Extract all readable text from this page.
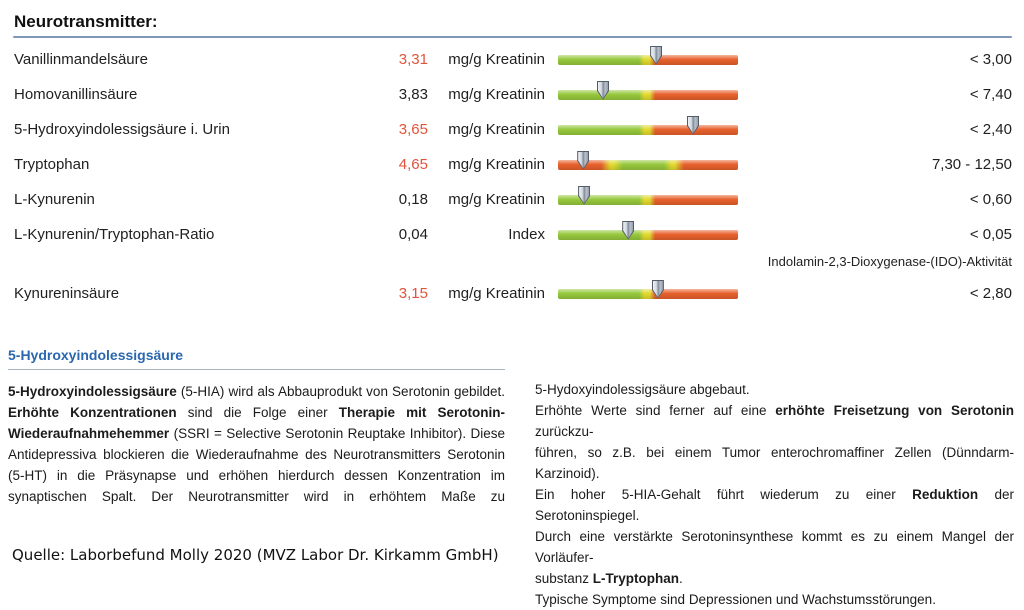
Neurotransmitter:
Vanillinmandelsäure	3,31	mg/g Kreatinin	< 3,00
Homovanillinsäure	3,83	mg/g Kreatinin	< 7,40
5-Hydroxyindolessigsäure i. Urin	3,65	mg/g Kreatinin	< 2,40
Tryptophan	4,65	mg/g Kreatinin	7,30 - 12,50
L-Kynurenin	0,18	mg/g Kreatinin	< 0,60
L-Kynurenin/Tryptophan-Ratio	0,04	Index	< 0,05
Indolamin-2,3-Dioxygenase-(IDO)-Aktivität
Kynureninsäure	3,15	mg/g Kreatinin	< 2,80
5-Hydroxyindolessigsäure
5-Hydroxyindolessigsäure (5-HIA) wird als Abbauprodukt von Serotonin gebildet.
Erhöhte Konzentrationen sind die Folge einer Therapie mit Serotonin-
Wiederaufnahmehemmer (SSRI = Selective Serotonin Reuptake Inhibitor). Diese
Antidepressiva blockieren die Wiederaufnahme des Neurotransmitters Serotonin
(5-HT) in die Präsynapse und erhöhen hierdurch dessen Konzentration im
synaptischen Spalt. Der Neurotransmitter wird in erhöhtem Maße zu
5-Hydoxyindolessigsäure abgebaut.
Erhöhte Werte sind ferner auf eine erhöhte Freisetzung von Serotonin zurückzu-
führen, so z.B. bei einem Tumor enterochromaffiner Zellen (Dünndarm-Karzinoid).
Ein hoher 5-HIA-Gehalt führt wiederum zu einer Reduktion der Serotoninspiegel.
Durch eine verstärkte Serotoninsynthese kommt es zu einem Mangel der Vorläufer-
substanz L-Tryptophan.
Typische Symptome sind Depressionen und Wachstumsstörungen.
Quelle: Laborbefund Molly 2020 (MVZ Labor Dr. Kirkamm GmbH)
